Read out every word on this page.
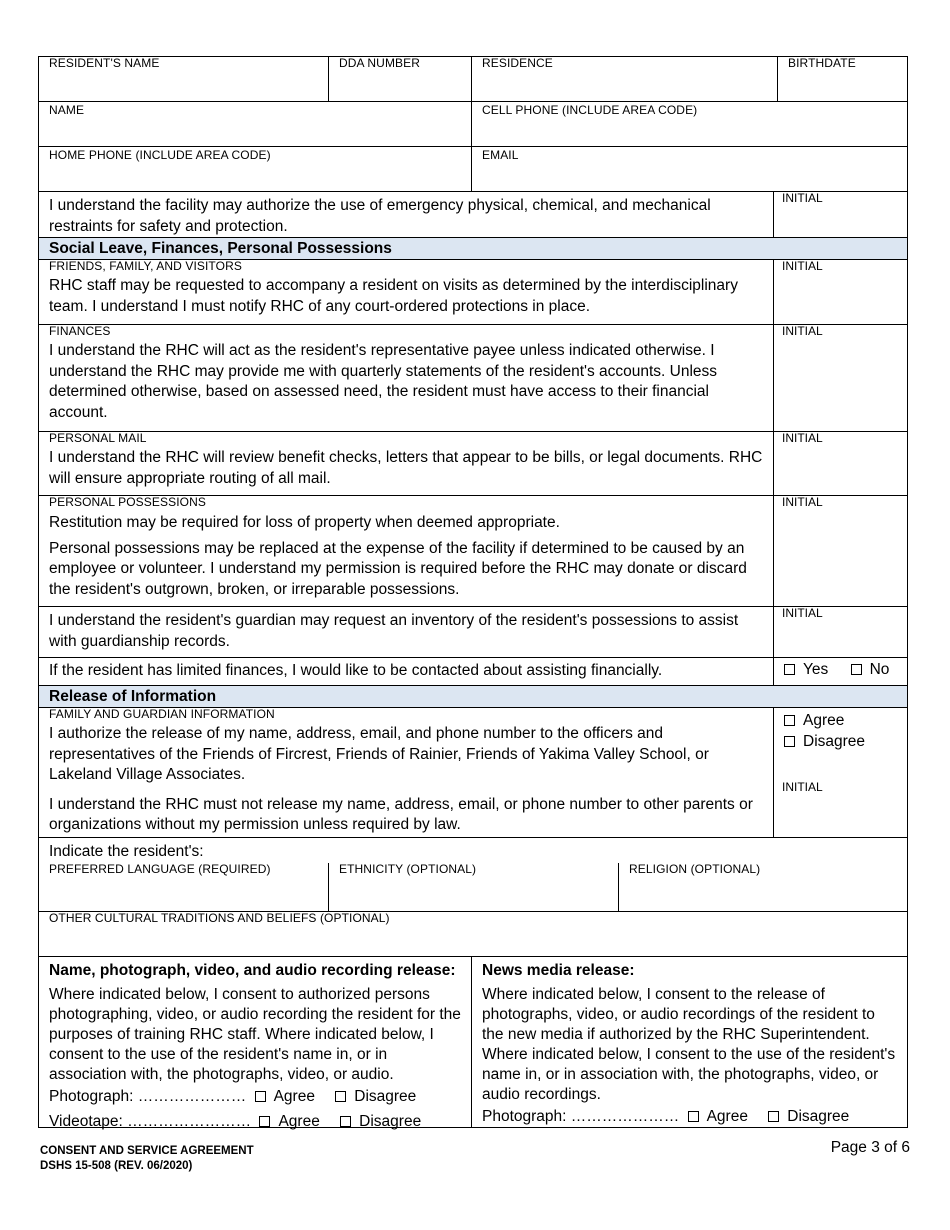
RESIDENT'S NAME	DDA NUMBER	RESIDENCE	BIRTHDATE
NAME	CELL PHONE (INCLUDE AREA CODE)
HOME PHONE (INCLUDE AREA CODE)	EMAIL

I understand the facility may authorize the use of emergency physical, chemical, and mechanical restraints for safety and protection.

INITIAL
Social Leave, Finances, Personal Possessions
FRIENDS, FAMILY, AND VISITORS

RHC staff may be requested to accompany a resident on visits as determined by the interdisciplinary team. I understand I must notify RHC of any court-ordered protections in place.

INITIAL
FINANCES

I understand the RHC will act as the resident's representative payee unless indicated otherwise. I understand the RHC may provide me with quarterly statements of the resident's accounts. Unless determined otherwise, based on assessed need, the resident must have access to their financial account.

INITIAL
PERSONAL MAIL

I understand the RHC will review benefit checks, letters that appear to be bills, or legal documents. RHC will ensure appropriate routing of all mail.

INITIAL
PERSONAL POSSESSIONS

Restitution may be required for loss of property when deemed appropriate.

Personal possessions may be replaced at the expense of the facility if determined to be caused by an employee or volunteer. I understand my permission is required before the RHC may donate or discard the resident's outgrown, broken, or irreparable possessions.

INITIAL

I understand the resident's guardian may request an inventory of the resident's possessions to assist with guardianship records.

INITIAL

If the resident has limited finances, I would like to be contacted about assisting financially.	Yes	No
Release of Information
FAMILY AND GUARDIAN INFORMATION

I authorize the release of my name, address, email, and phone number to the officers and representatives of the Friends of Fircrest, Friends of Rainier, Friends of Yakima Valley School, or Lakeland Village Associates.

I understand the RHC must not release my name, address, email, or phone number to other parents or organizations without my permission unless required by law.

Agree
Disagree
INITIAL
Indicate the resident's:
PREFERRED LANGUAGE (REQUIRED)	ETHNICITY (OPTIONAL)	RELIGION (OPTIONAL)
OTHER CULTURAL TRADITIONS AND BELIEFS (OPTIONAL)
Name, photograph, video, and audio recording release:

Where indicated below, I consent to authorized persons photographing, video, or audio recording the resident for the purposes of training RHC staff. Where indicated below, I consent to the use of the resident's name in, or in association with, the photographs, video, or audio.

Photograph: ………………… Agree	Disagree
Videotape: …………………… Agree	Disagree
News media release:

Where indicated below, I consent to the release of photographs, video, or audio recordings of the resident to the new media if authorized by the RHC Superintendent. Where indicated below, I consent to the use of the resident's name in, or in association with, the photographs, video, or audio recordings.

Photograph: ………………… Agree	Disagree
CONSENT AND SERVICE AGREEMENT
DSHS 15-508 (REV. 06/2020)
Page 3 of 6
